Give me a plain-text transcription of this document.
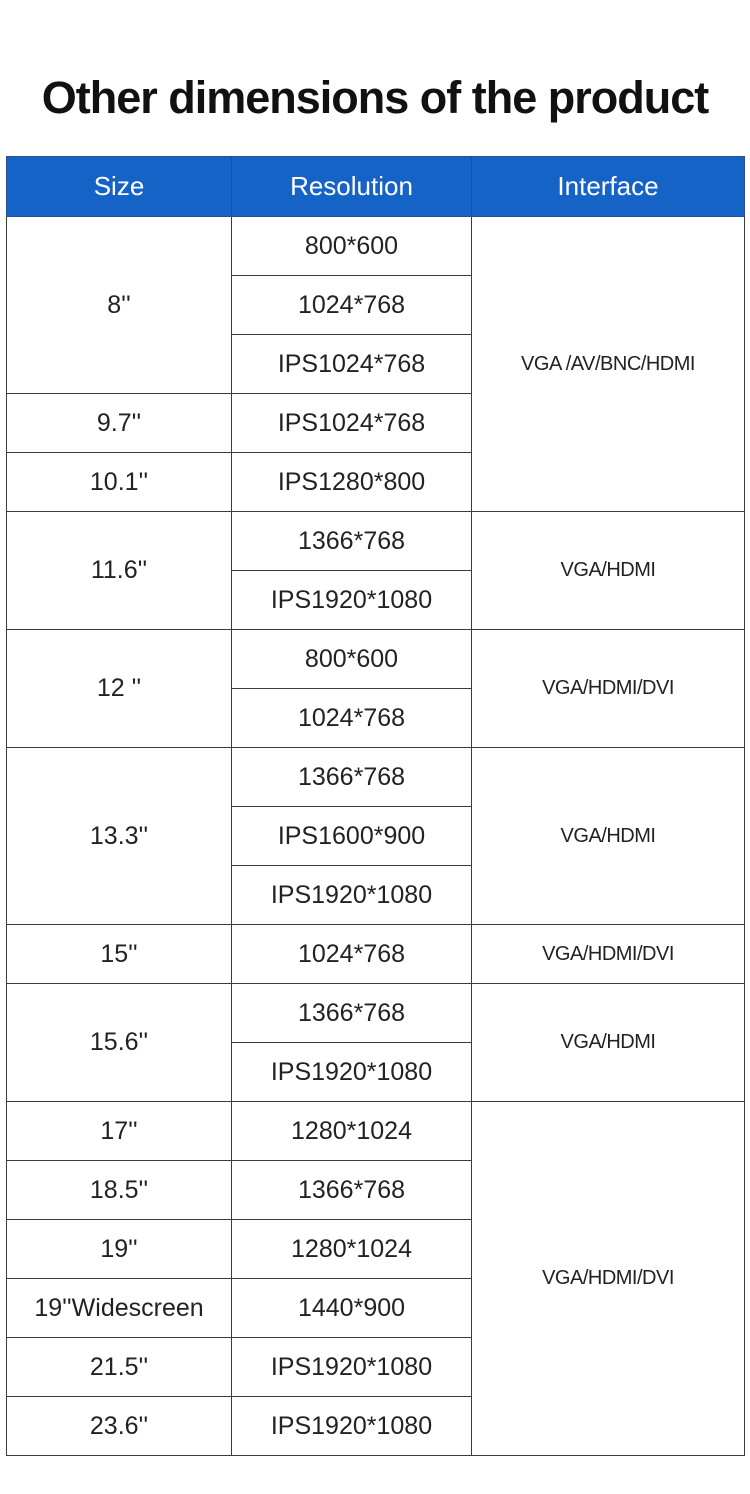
Other dimensions of the product
Size	Resolution	Interface
8''	800*600	VGA /AV/BNC/HDMI
	1024*768	
	IPS1024*768	
9.7''	IPS1024*768	
10.1''	IPS1280*800	
11.6''	1366*768	VGA/HDMI
	IPS1920*1080	
12 ''	800*600	VGA/HDMI/DVI
	1024*768	
13.3''	1366*768	VGA/HDMI
	IPS1600*900	
	IPS1920*1080	
15''	1024*768	VGA/HDMI/DVI
15.6''	1366*768	VGA/HDMI
	IPS1920*1080	
17''	1280*1024	VGA/HDMI/DVI
18.5''	1366*768	
19''	1280*1024	
19''Widescreen	1440*900	
21.5''	IPS1920*1080	
23.6''	IPS1920*1080	
